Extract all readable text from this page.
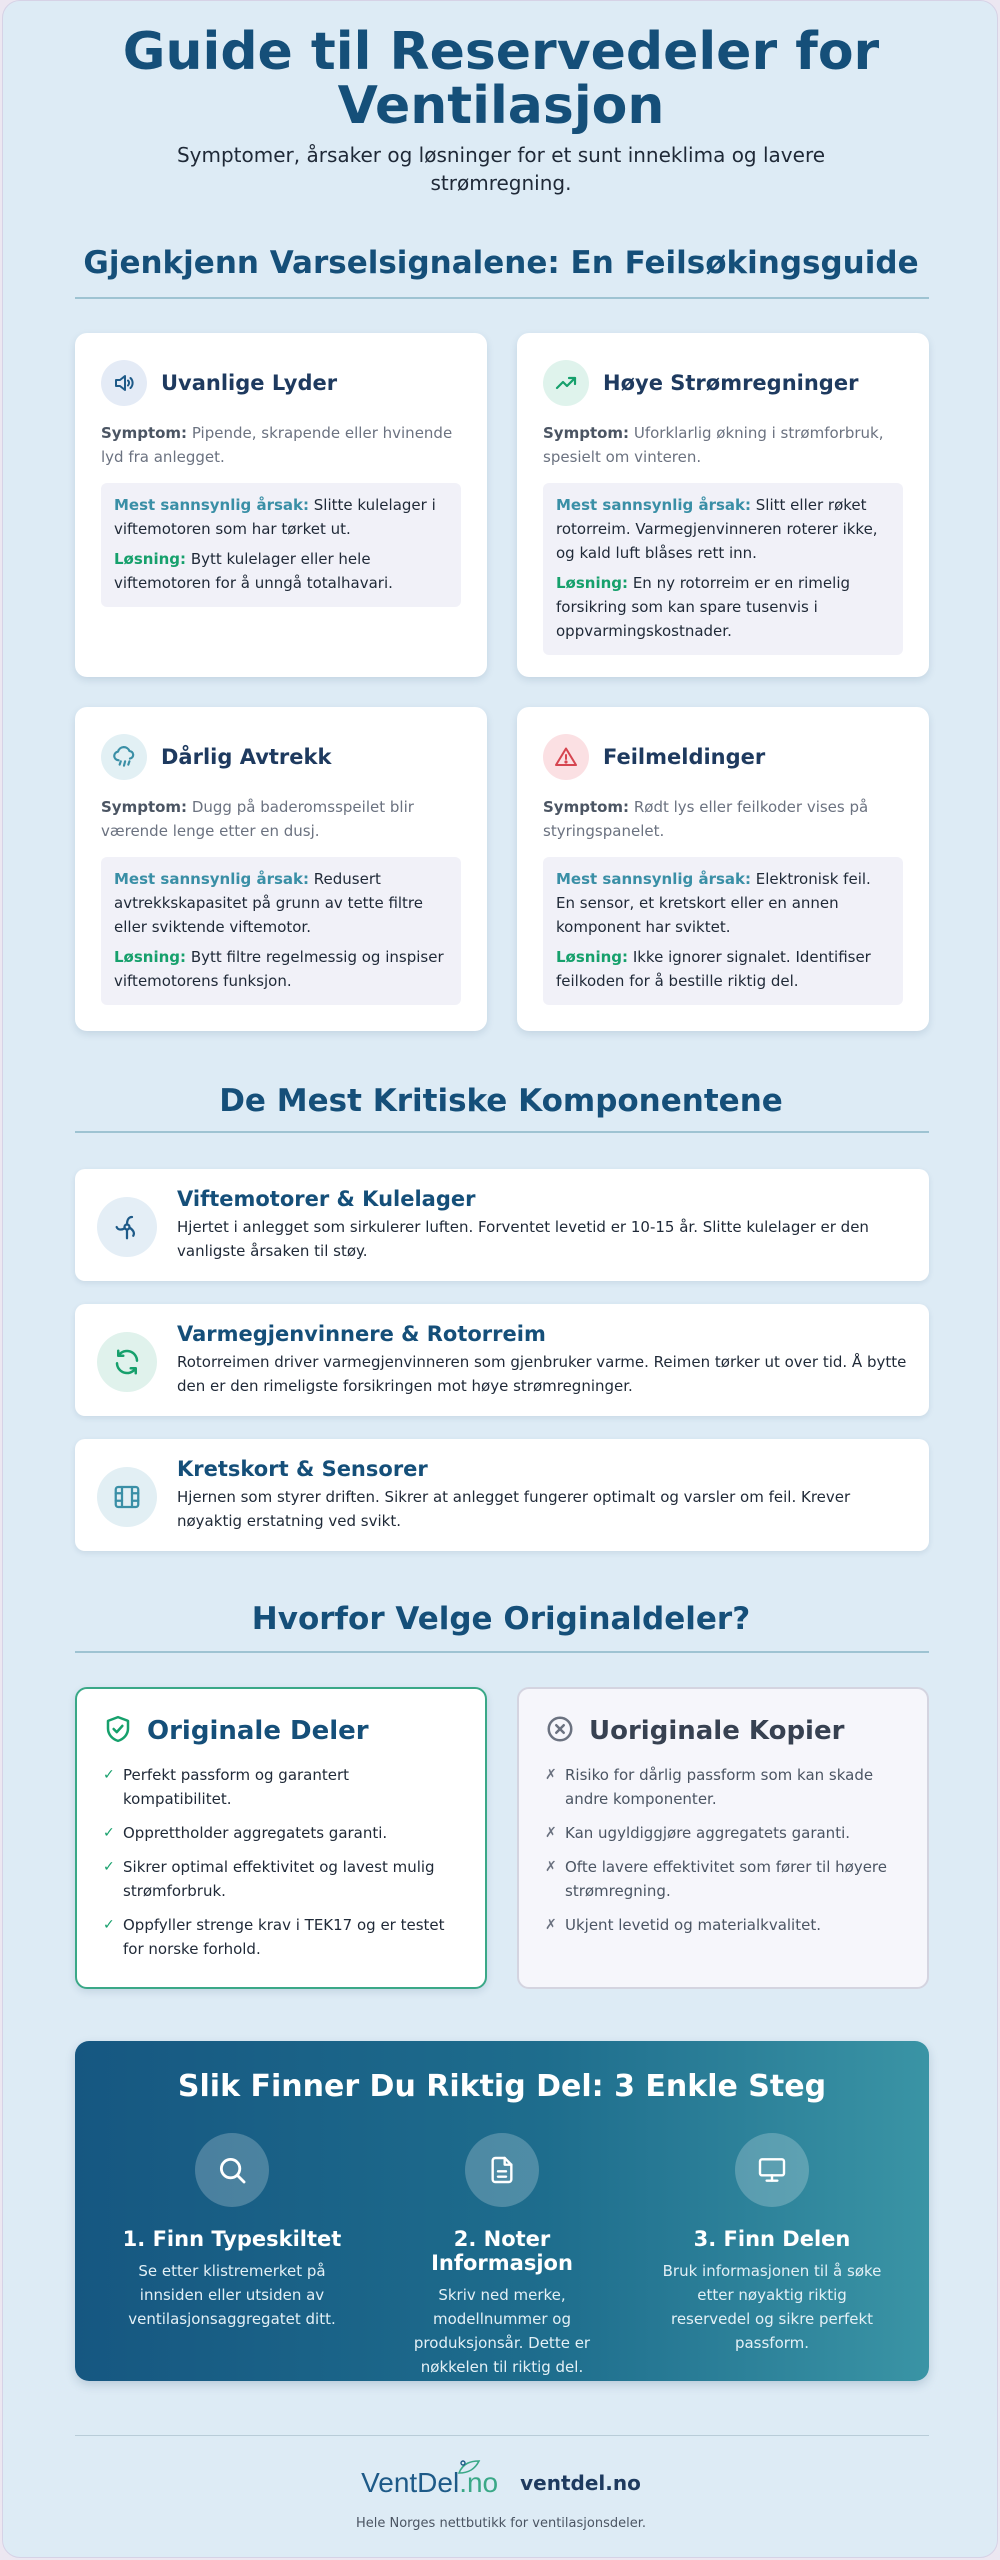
Guide til Reservedeler for Ventilasjon

Symptomer, årsaker og løsninger for et sunt inneklima og lavere strømregning.

Gjenkjenn Varselsignalene: En Feilsøkingsguide
Uvanlige Lyder

Symptom: Pipende, skrapende eller hvinende lyd fra anlegget.

Mest sannsynlig årsak: Slitte kulelager i viftemotoren som har tørket ut.

Løsning: Bytt kulelager eller hele viftemotoren for å unngå totalhavari.

Høye Strømregninger

Symptom: Uforklarlig økning i strømforbruk, spesielt om vinteren.

Mest sannsynlig årsak: Slitt eller røket rotorreim. Varmegjenvinneren roterer ikke, og kald luft blåses rett inn.

Løsning: En ny rotorreim er en rimelig forsikring som kan spare tusenvis i oppvarmingskostnader.

Dårlig Avtrekk

Symptom: Dugg på baderomsspeilet blir værende lenge etter en dusj.

Mest sannsynlig årsak: Redusert avtrekkskapasitet på grunn av tette filtre eller sviktende viftemotor.

Løsning: Bytt filtre regelmessig og inspiser viftemotorens funksjon.

Feilmeldinger

Symptom: Rødt lys eller feilkoder vises på styringspanelet.

Mest sannsynlig årsak: Elektronisk feil. En sensor, et kretskort eller en annen komponent har sviktet.

Løsning: Ikke ignorer signalet. Identifiser feilkoden for å bestille riktig del.

De Mest Kritiske Komponentene
Viftemotorer & Kulelager
Hjertet i anlegget som sirkulerer luften. Forventet levetid er 10-15 år. Slitte kulelager er den vanligste årsaken til støy.
Varmegjenvinnere & Rotorreim
Rotorreimen driver varmegjenvinneren som gjenbruker varme. Reimen tørker ut over tid. Å bytte den er den rimeligste forsikringen mot høye strømregninger.
Kretskort & Sensorer
Hjernen som styrer driften. Sikrer at anlegget fungerer optimalt og varsler om feil. Krever nøyaktig erstatning ved svikt.
Hvorfor Velge Originaldeler?
Originale Deler
✓ Perfekt passform og garantert kompatibilitet.
✓ Opprettholder aggregatets garanti.
✓ Sikrer optimal effektivitet og lavest mulig strømforbruk.
✓ Oppfyller strenge krav i TEK17 og er testet for norske forhold.
Uoriginale Kopier
✗ Risiko for dårlig passform som kan skade andre komponenter.
✗ Kan ugyldiggjøre aggregatets garanti.
✗ Ofte lavere effektivitet som fører til høyere strømregning.
✗ Ukjent levetid og materialkvalitet.
Slik Finner Du Riktig Del: 3 Enkle Steg
1. Finn Typeskiltet
Se etter klistremerket på innsiden eller utsiden av ventilasjonsaggregatet ditt.
2. Noter Informasjon
Skriv ned merke, modellnummer og produksjonsår. Dette er nøkkelen til riktig del.
3. Finn Delen
Bruk informasjonen til å søke etter nøyaktig riktig reservedel og sikre perfekt passform.
VentDel.no ventdel.no
Hele Norges nettbutikk for ventilasjonsdeler.
